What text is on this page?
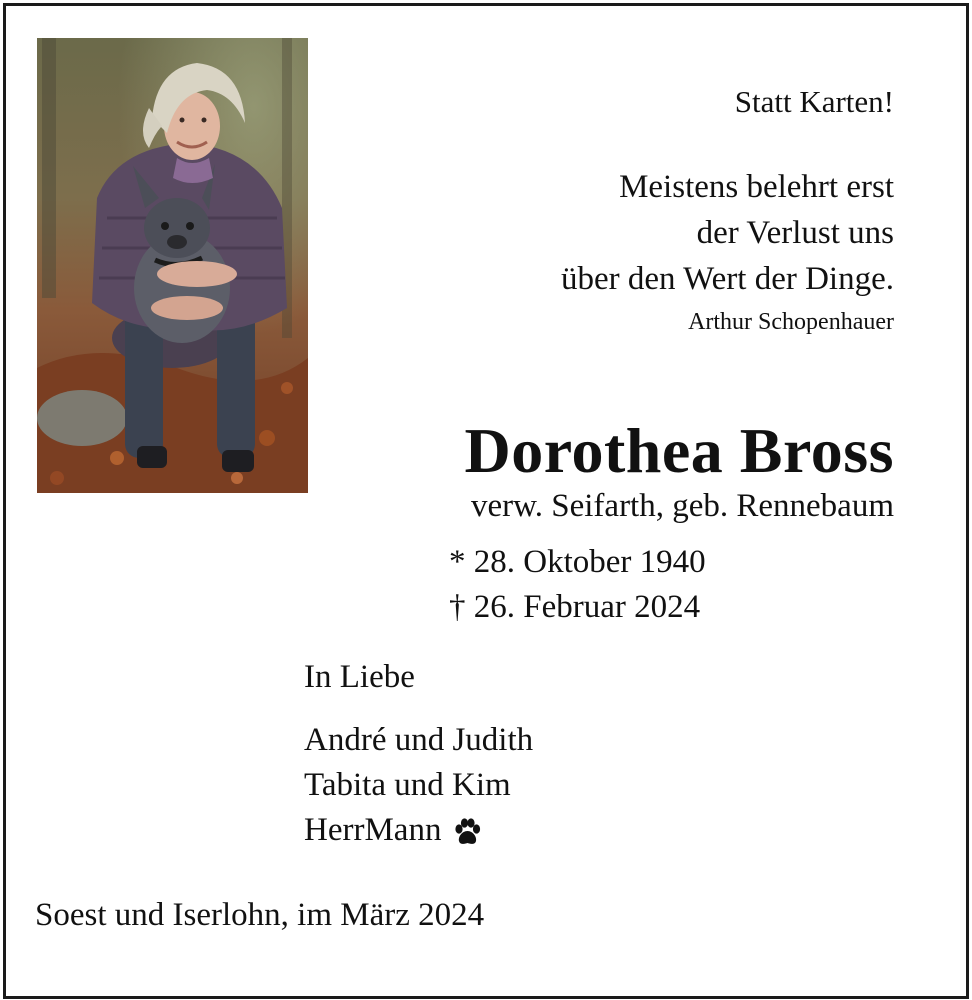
Statt Karten!
Meistens belehrt erst
der Verlust uns
über den Wert der Dinge.
Arthur Schopenhauer
Dorothea Bross
verw. Seifarth, geb. Rennebaum
* 28. Oktober 1940
† 26. Februar 2024
In Liebe
André und Judith
Tabita und Kim
HerrMann
Soest und Iserlohn, im März 2024
